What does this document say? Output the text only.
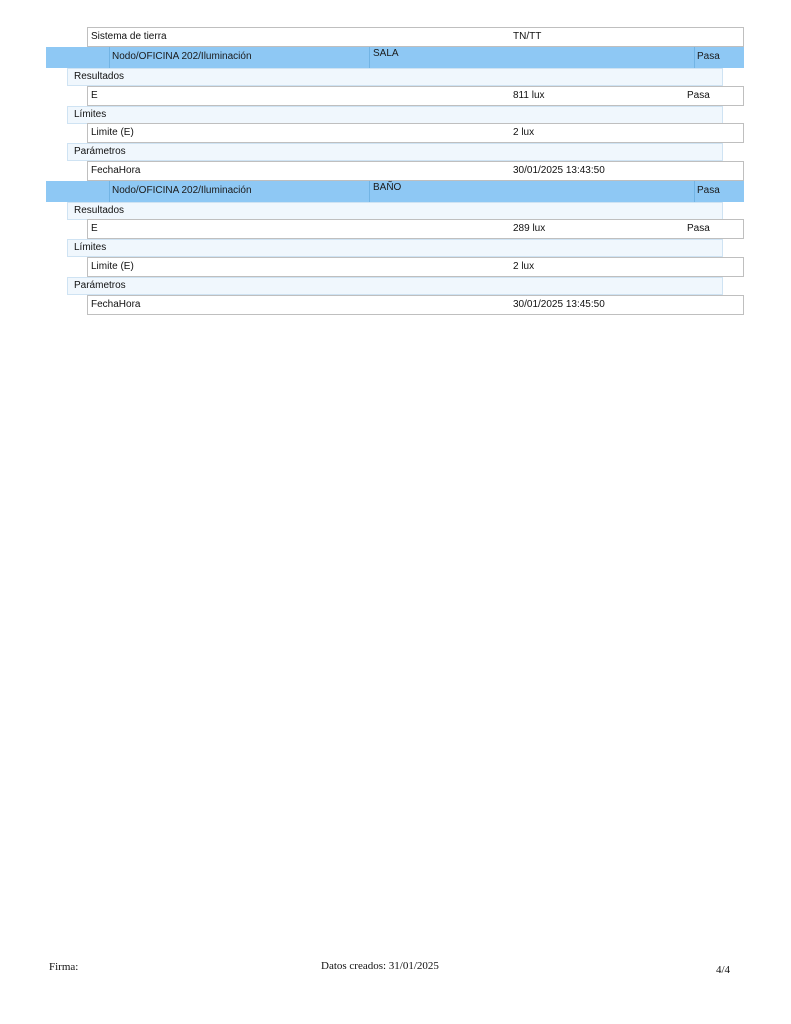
Sistema de tierra	TN/TT
Nodo/OFICINA 202/Iluminación	SALA	Pasa
Resultados
E	811 lux	Pasa
Límites
Limite (E)	2 lux
Parámetros
FechaHora	30/01/2025 13:43:50
Nodo/OFICINA 202/Iluminación	BAÑO	Pasa
Resultados
E	289 lux	Pasa
Límites
Limite (E)	2 lux
Parámetros
FechaHora	30/01/2025 13:45:50
Firma:	Datos creados: 31/01/2025	4/4
